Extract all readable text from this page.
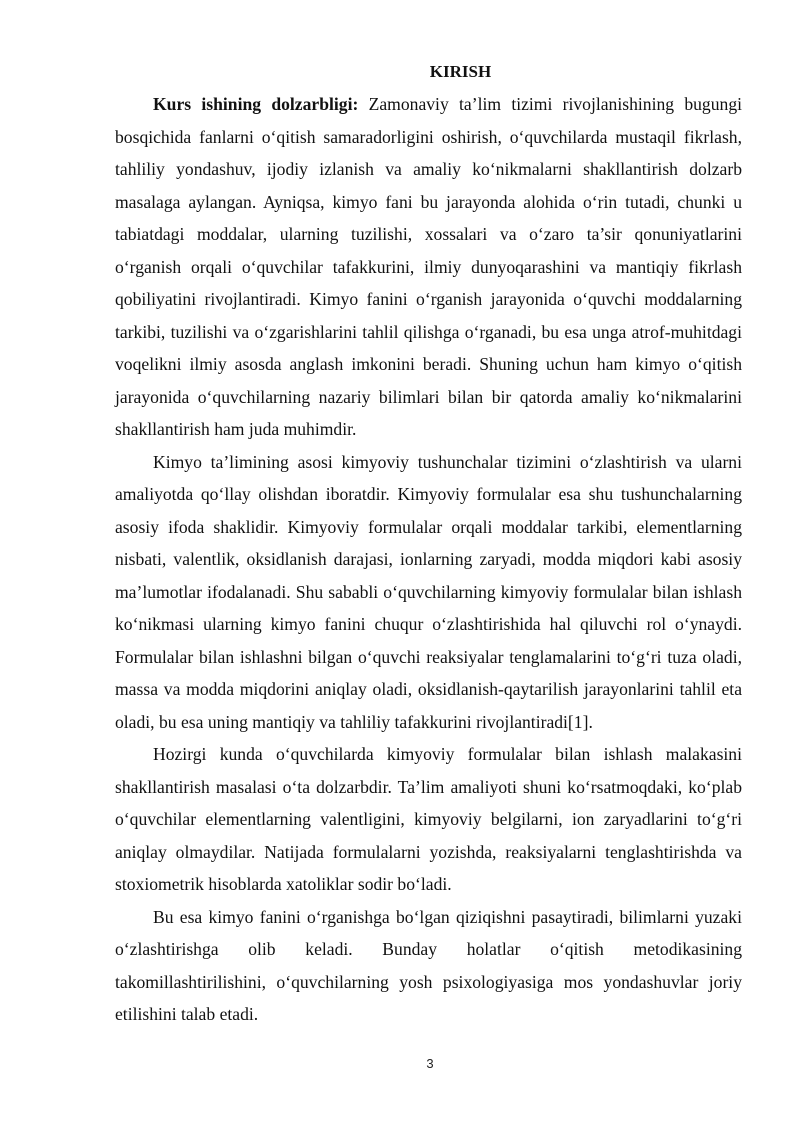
KIRISH

Kurs ishining dolzarbligi: Zamonaviy ta’lim tizimi rivojlanishining bugungi bosqichida fanlarni o‘qitish samaradorligini oshirish, o‘quvchilarda mustaqil fikrlash, tahliliy yondashuv, ijodiy izlanish va amaliy ko‘nikmalarni shakllantirish dolzarb masalaga aylangan. Ayniqsa, kimyo fani bu jarayonda alohida o‘rin tutadi, chunki u tabiatdagi moddalar, ularning tuzilishi, xossalari va o‘zaro ta’sir qonuniyatlarini o‘rganish orqali o‘quvchilar tafakkurini, ilmiy dunyoqarashini va mantiqiy fikrlash qobiliyatini rivojlantiradi. Kimyo fanini o‘rganish jarayonida o‘quvchi moddalarning tarkibi, tuzilishi va o‘zgarishlarini tahlil qilishga o‘rganadi, bu esa unga atrof-muhitdagi voqelikni ilmiy asosda anglash imkonini beradi. Shuning uchun ham kimyo o‘qitish jarayonida o‘quvchilarning nazariy bilimlari bilan bir qatorda amaliy ko‘nikmalarini shakllantirish ham juda muhimdir.

Kimyo ta’limining asosi kimyoviy tushunchalar tizimini o‘zlashtirish va ularni amaliyotda qo‘llay olishdan iboratdir. Kimyoviy formulalar esa shu tushunchalarning asosiy ifoda shaklidir. Kimyoviy formulalar orqali moddalar tarkibi, elementlarning nisbati, valentlik, oksidlanish darajasi, ionlarning zaryadi, modda miqdori kabi asosiy ma’lumotlar ifodalanadi. Shu sababli o‘quvchilarning kimyoviy formulalar bilan ishlash ko‘nikmasi ularning kimyo fanini chuqur o‘zlashtirishida hal qiluvchi rol o‘ynaydi. Formulalar bilan ishlashni bilgan o‘quvchi reaksiyalar tenglamalarini to‘g‘ri tuza oladi, massa va modda miqdorini aniqlay oladi, oksidlanish-qaytarilish jarayonlarini tahlil eta oladi, bu esa uning mantiqiy va tahliliy tafakkurini rivojlantiradi[1].

Hozirgi kunda o‘quvchilarda kimyoviy formulalar bilan ishlash malakasini shakllantirish masalasi o‘ta dolzarbdir. Ta’lim amaliyoti shuni ko‘rsatmoqdaki, ko‘plab o‘quvchilar elementlarning valentligini, kimyoviy belgilarni, ion zaryadlarini to‘g‘ri aniqlay olmaydilar. Natijada formulalarni yozishda, reaksiyalarni tenglashtirishda va stoxiometrik hisoblarda xatoliklar sodir bo‘ladi.

Bu esa kimyo fanini o‘rganishga bo‘lgan qiziqishni pasaytiradi, bilimlarni yuzaki o‘zlashtirishga olib keladi. Bunday holatlar o‘qitish metodikasining takomillashtirilishini, o‘quvchilarning yosh psixologiyasiga mos yondashuvlar joriy etilishini talab etadi.

3
